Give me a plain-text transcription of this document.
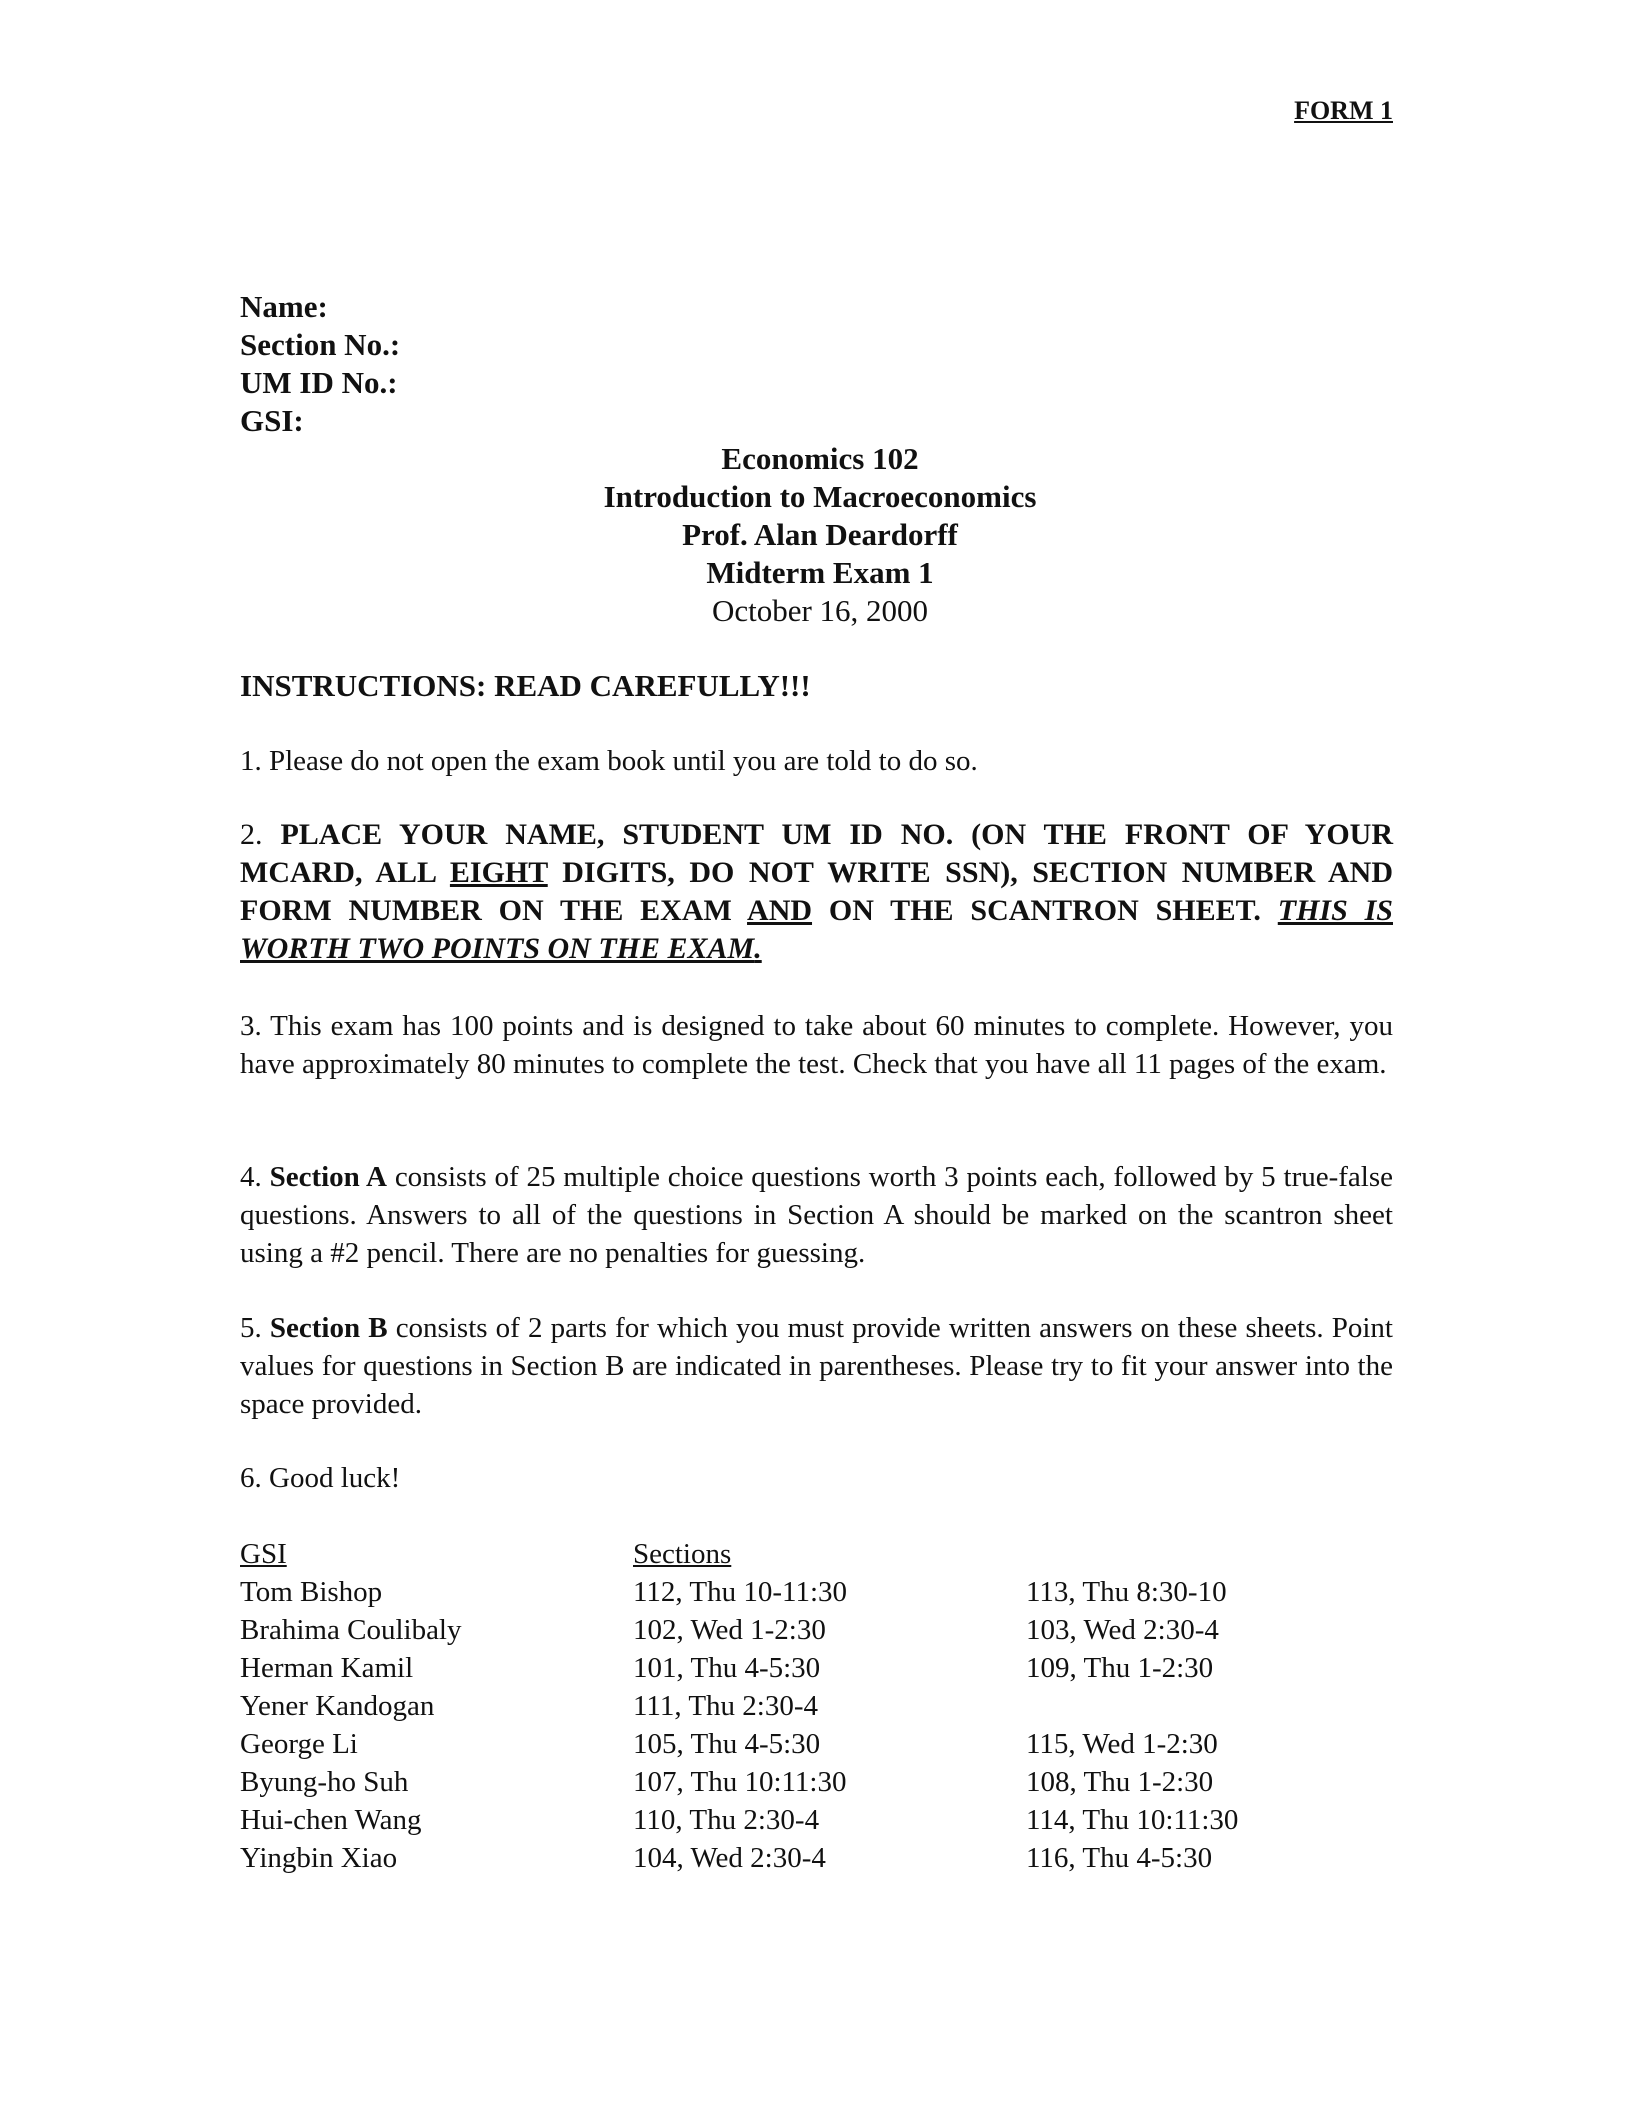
FORM 1
Name:
Section No.:
UM ID No.:
GSI:
Economics 102
Introduction to Macroeconomics
Prof. Alan Deardorff
Midterm Exam 1
October 16, 2000
INSTRUCTIONS: READ CAREFULLY!!!
1. Please do not open the exam book until you are told to do so.
2. PLACE YOUR NAME, STUDENT UM ID NO. (ON THE FRONT OF YOUR MCARD, ALL EIGHT DIGITS, DO NOT WRITE SSN), SECTION NUMBER AND FORM NUMBER ON THE EXAM AND ON THE SCANTRON SHEET. THIS IS WORTH TWO POINTS ON THE EXAM.
3. This exam has 100 points and is designed to take about 60 minutes to complete. However, you have approximately 80 minutes to complete the test. Check that you have all 11 pages of the exam.
4. Section A consists of 25 multiple choice questions worth 3 points each, followed by 5 true-false questions. Answers to all of the questions in Section A should be marked on the scantron sheet using a #2 pencil. There are no penalties for guessing.
5. Section B consists of 2 parts for which you must provide written answers on these sheets. Point values for questions in Section B are indicated in parentheses. Please try to fit your answer into the space provided.
6. Good luck!
GSI	Sections	
Tom Bishop	112, Thu 10-11:30	113, Thu 8:30-10
Brahima Coulibaly	102, Wed 1-2:30	103, Wed 2:30-4
Herman Kamil	101, Thu 4-5:30	109, Thu 1-2:30
Yener Kandogan	111, Thu 2:30-4	
George Li	105, Thu 4-5:30	115, Wed 1-2:30
Byung-ho Suh	107, Thu 10:11:30	108, Thu 1-2:30
Hui-chen Wang	110, Thu 2:30-4	114, Thu 10:11:30
Yingbin Xiao	104, Wed 2:30-4	116, Thu 4-5:30
